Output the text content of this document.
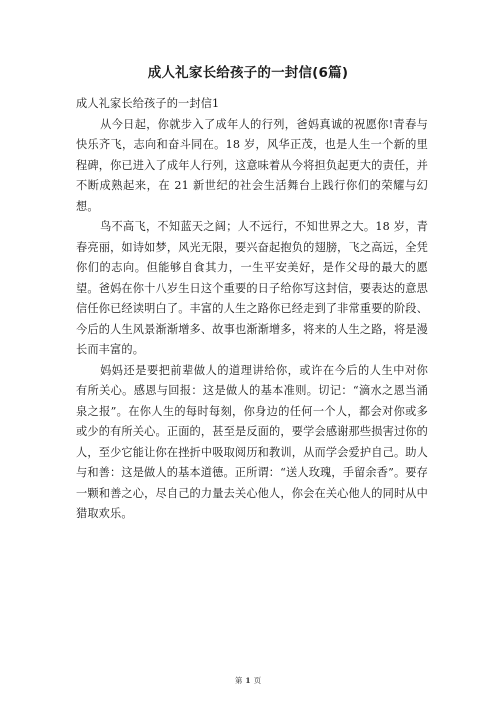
成人礼家长给孩子的一封信(6篇)

成人礼家长给孩子的一封信1

从今日起，你就步入了成年人的行列，爸妈真诚的祝愿你!青春与快乐齐飞，志向和奋斗同在。18 岁，风华正茂，也是人生一个新的里程碑，你已进入了成年人行列，这意味着从今将担负起更大的责任，并不断成熟起来，在 21 新世纪的社会生活舞台上践行你们的荣耀与幻想。

鸟不高飞，不知蓝天之阔；人不远行，不知世界之大。18 岁，青春亮丽，如诗如梦，风光无限，要兴奋起抱负的翅膀，飞之高远，全凭你们的志向。但能够自食其力，一生平安美好，是作父母的最大的愿望。爸妈在你十八岁生日这个重要的日子给你写这封信，要表达的意思信任你已经读明白了。丰富的人生之路你已经走到了非常重要的阶段、今后的人生风景渐渐增多、故事也渐渐增多，将来的人生之路，将是漫长而丰富的。

妈妈还是要把前辈做人的道理讲给你，或许在今后的人生中对你有所关心。感恩与回报：这是做人的基本准则。切记：“滴水之恩当涌泉之报”。在你人生的每时每刻，你身边的任何一个人，都会对你或多或少的有所关心。正面的，甚至是反面的，要学会感谢那些损害过你的人，至少它能让你在挫折中吸取阅历和教训，从而学会爱护自己。助人与和善：这是做人的基本道德。正所谓：“送人玫瑰，手留余香”。要存一颗和善之心，尽自己的力量去关心他人，你会在关心他人的同时从中猎取欢乐。

第 1 页
